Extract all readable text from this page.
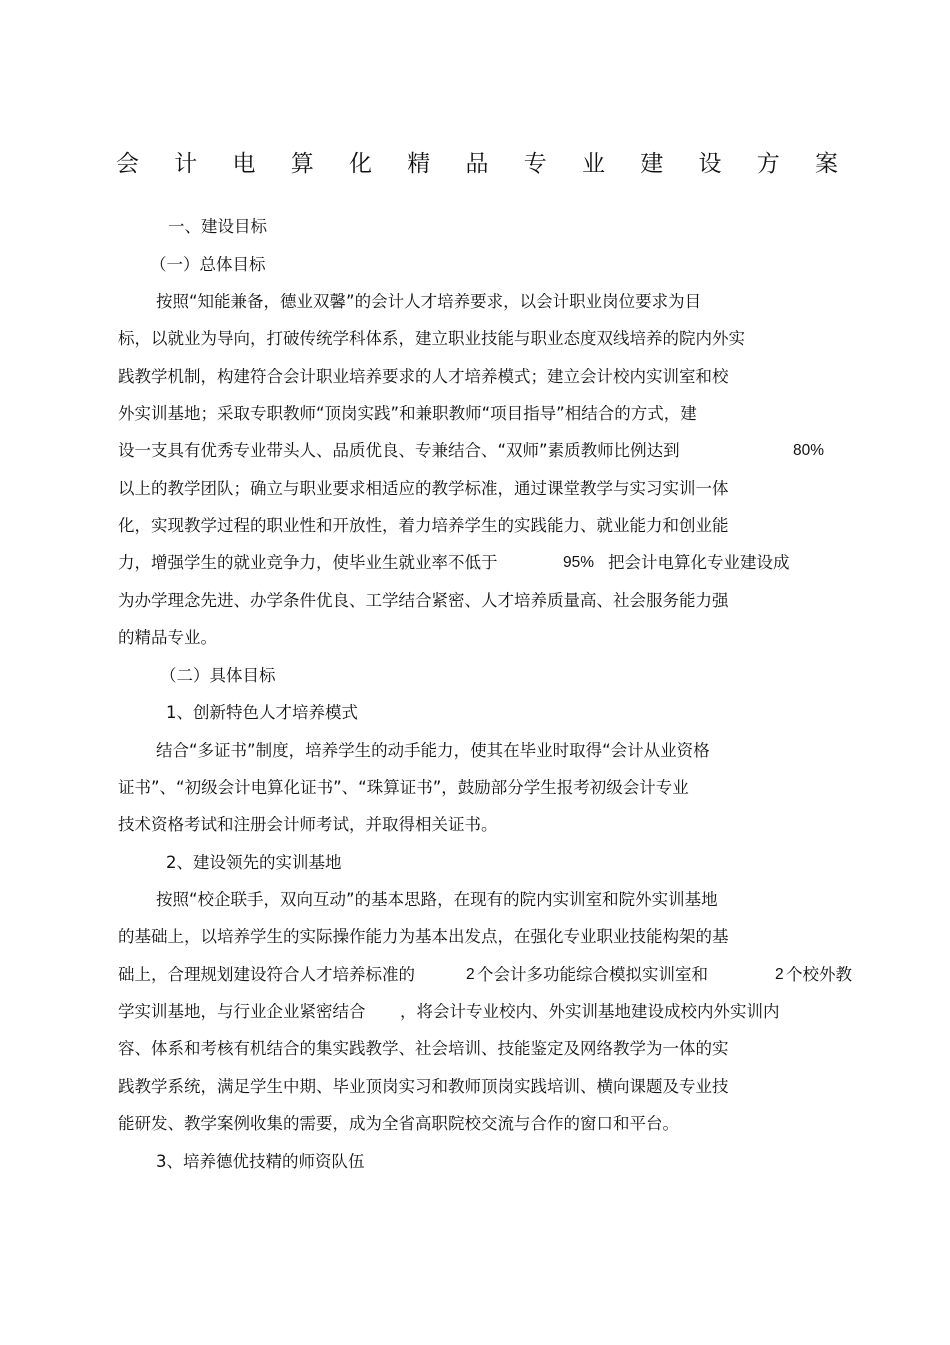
会 计 电 算 化 精 品 专 业 建 设 方 案
一、建设目标
（一）总体目标
按照“知能兼备，德业双馨”的会计人才培养要求，以会计职业岗位要求为目
标，以就业为导向，打破传统学科体系，建立职业技能与职业态度双线培养的院内外实
践教学机制，构建符合会计职业培养要求的人才培养模式；建立会计校内实训室和校
外实训基地；采取专职教师“顶岗实践”和兼职教师“项目指导”相结合的方式，建
设一支具有优秀专业带头人、品质优良、专兼结合、“双师”素质教师比例达到	80%
以上的教学团队；确立与职业要求相适应的教学标准，通过课堂教学与实习实训一体
化，实现教学过程的职业性和开放性，着力培养学生的实践能力、就业能力和创业能
力，增强学生的就业竞争力，使毕业生就业率不低于	95% 把会计电算化专业建设成
为办学理念先进、办学条件优良、工学结合紧密、人才培养质量高、社会服务能力强
的精品专业。
（二）具体目标
1、创新特色人才培养模式
结合“多证书”制度，培养学生的动手能力，使其在毕业时取得“会计从业资格
证书”、“初级会计电算化证书”、“珠算证书”，鼓励部分学生报考初级会计专业
技术资格考试和注册会计师考试，并取得相关证书。
2、建设领先的实训基地
按照“校企联手，双向互动”的基本思路，在现有的院内实训室和院外实训基地
的基础上，以培养学生的实际操作能力为基本出发点，在强化专业职业技能构架的基
础上，合理规划建设符合人才培养标准的	2 个会计多功能综合模拟实训室和	2 个校外教
学实训基地，与行业企业紧密结合 ，将会计专业校内、外实训基地建设成校内外实训内
容、体系和考核有机结合的集实践教学、社会培训、技能鉴定及网络教学为一体的实
践教学系统，满足学生中期、毕业顶岗实习和教师顶岗实践培训、横向课题及专业技
能研发、教学案例收集的需要，成为全省高职院校交流与合作的窗口和平台。
3、培养德优技精的师资队伍
